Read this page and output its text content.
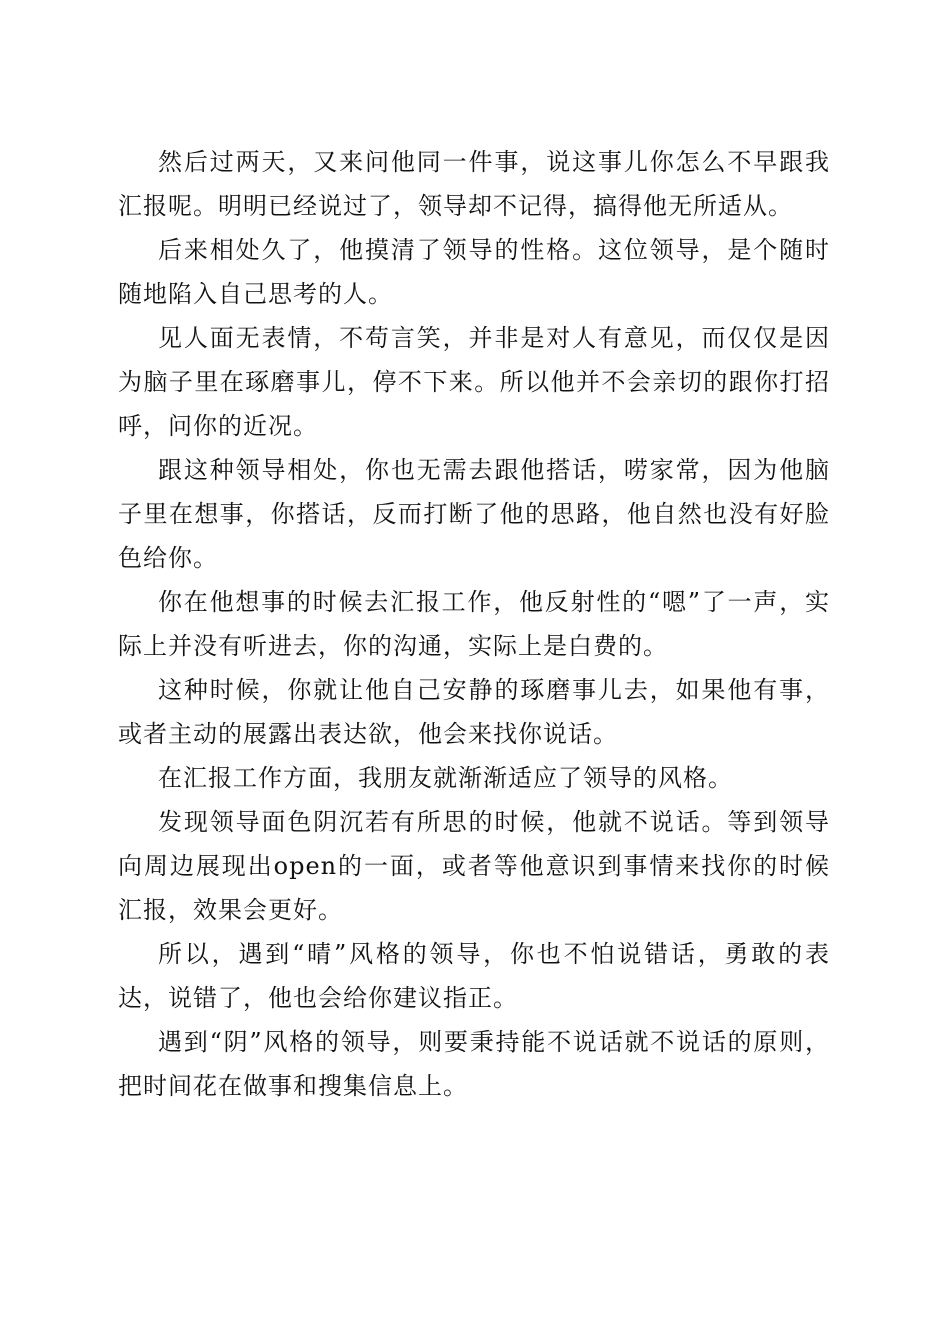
然后过两天，又来问他同一件事，说这事儿你怎么不早跟我汇报呢。明明已经说过了，领导却不记得，搞得他无所适从。

后来相处久了，他摸清了领导的性格。这位领导，是个随时随地陷入自己思考的人。

见人面无表情，不苟言笑，并非是对人有意见，而仅仅是因为脑子里在琢磨事儿，停不下来。所以他并不会亲切的跟你打招呼，问你的近况。

跟这种领导相处，你也无需去跟他搭话，唠家常，因为他脑子里在想事，你搭话，反而打断了他的思路，他自然也没有好脸色给你。

你在他想事的时候去汇报工作，他反射性的“嗯”了一声，实际上并没有听进去，你的沟通，实际上是白费的。

这种时候，你就让他自己安静的琢磨事儿去，如果他有事，或者主动的展露出表达欲，他会来找你说话。

在汇报工作方面，我朋友就渐渐适应了领导的风格。

发现领导面色阴沉若有所思的时候，他就不说话。等到领导向周边展现出open的一面，或者等他意识到事情来找你的时候汇报，效果会更好。

所以，遇到“晴”风格的领导，你也不怕说错话，勇敢的表达，说错了，他也会给你建议指正。

遇到“阴”风格的领导，则要秉持能不说话就不说话的原则，把时间花在做事和搜集信息上。
